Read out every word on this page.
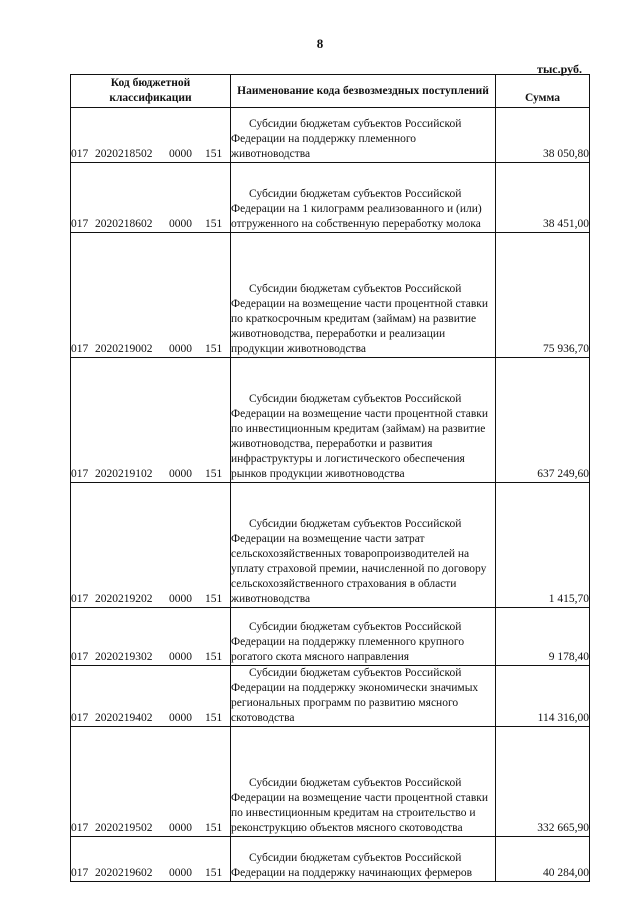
8
тыс.руб.
Код бюджетной классификации	Наименование кода безвозмездных поступлений	Сумма
017 2020218502 0000 151	Субсидии бюджетам субъектов Российской Федерации на поддержку племенного животноводства	38 050,80
017 2020218602 0000 151	Субсидии бюджетам субъектов Российской Федерации на 1 килограмм реализованного и (или) отгруженного на собственную переработку молока	38 451,00
017 2020219002 0000 151	Субсидии бюджетам субъектов Российской Федерации на возмещение части процентной ставки по краткосрочным кредитам (займам) на развитие животноводства, переработки и реализации продукции животноводства	75 936,70
017 2020219102 0000 151	Субсидии бюджетам субъектов Российской Федерации на возмещение части процентной ставки по инвестиционным кредитам (займам) на развитие животноводства, переработки и развития инфраструктуры и логистического обеспечения рынков продукции животноводства	637 249,60
017 2020219202 0000 151	Субсидии бюджетам субъектов Российской Федерации на возмещение части затрат сельскохозяйственных товаропроизводителей на уплату страховой премии, начисленной по договору сельскохозяйственного страхования в области животноводства	1 415,70
017 2020219302 0000 151	Субсидии бюджетам субъектов Российской Федерации на поддержку племенного крупного рогатого скота мясного направления	9 178,40
017 2020219402 0000 151	Субсидии бюджетам субъектов Российской Федерации на поддержку экономически значимых региональных программ по развитию мясного скотоводства	114 316,00
017 2020219502 0000 151	Субсидии бюджетам субъектов Российской Федерации на возмещение части процентной ставки по инвестиционным кредитам на строительство и реконструкцию объектов мясного скотоводства	332 665,90
017 2020219602 0000 151	Субсидии бюджетам субъектов Российской Федерации на поддержку начинающих фермеров	40 284,00
